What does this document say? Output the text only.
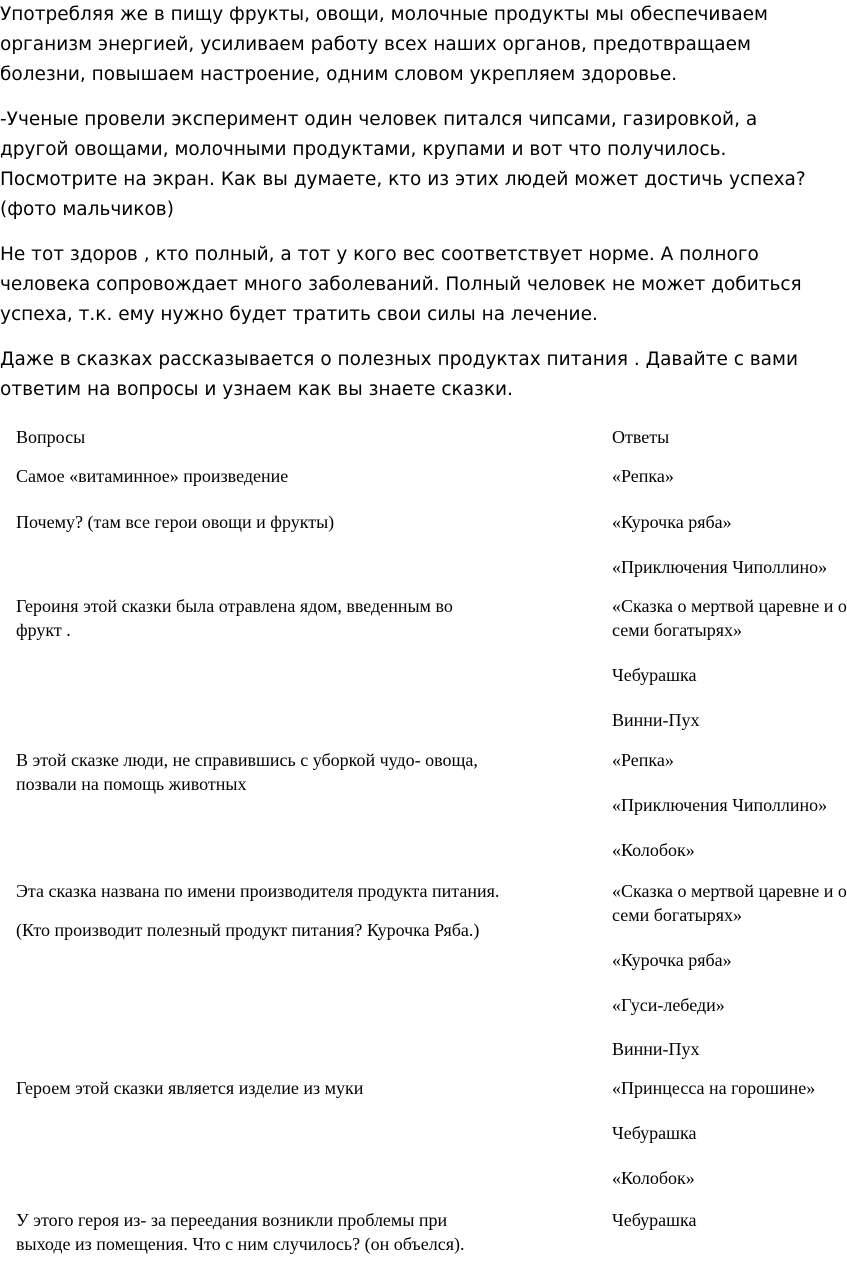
Употребляя же в пищу фрукты, овощи, молочные продукты мы обеспечиваем организм энергией, усиливаем работу всех наших органов, предотвращаем болезни, повышаем настроение, одним словом укрепляем здоровье.

-Ученые провели эксперимент один человек питался чипсами, газировкой, а другой овощами, молочными продуктами, крупами и вот что получилось. Посмотрите на экран. Как вы думаете, кто из этих людей может достичь успеха?(фото мальчиков)

Не тот здоров , кто полный, а тот у кого вес соответствует норме. А полного человека сопровождает много заболеваний. Полный человек не может добиться успеха, т.к. ему нужно будет тратить свои силы на лечение.

Даже в сказках рассказывается о полезных продуктах питания . Давайте с вами ответим на вопросы и узнаем как вы знаете сказки.

Вопросы	Ответы
Самое «витаминное» произведение
Почему? (там все герои овощи и фрукты)
Героиня этой сказки была отравлена ядом, введенным во
фрукт .
В этой сказке люди, не справившись с уборкой чудо- овоща,
позвали на помощь животных
Эта сказка названа по имени производителя продукта питания.
(Кто производит полезный продукт питания? Курочка Ряба.)
Героем этой сказки является изделие из муки
У этого героя из- за переедания возникли проблемы при
выходе из помещения. Что с ним случилось? (он объелся).
«Репка»
«Курочка ряба»
«Приключения Чиполлино»
«Сказка о мертвой царевне и о
семи богатырях»
Чебурашка
Винни-Пух
«Репка»
«Приключения Чиполлино»
«Колобок»
«Сказка о мертвой царевне и о
семи богатырях»
«Курочка ряба»
«Гуси-лебеди»
Винни-Пух
«Принцесса на горошине»
Чебурашка
«Колобок»
Чебурашка
